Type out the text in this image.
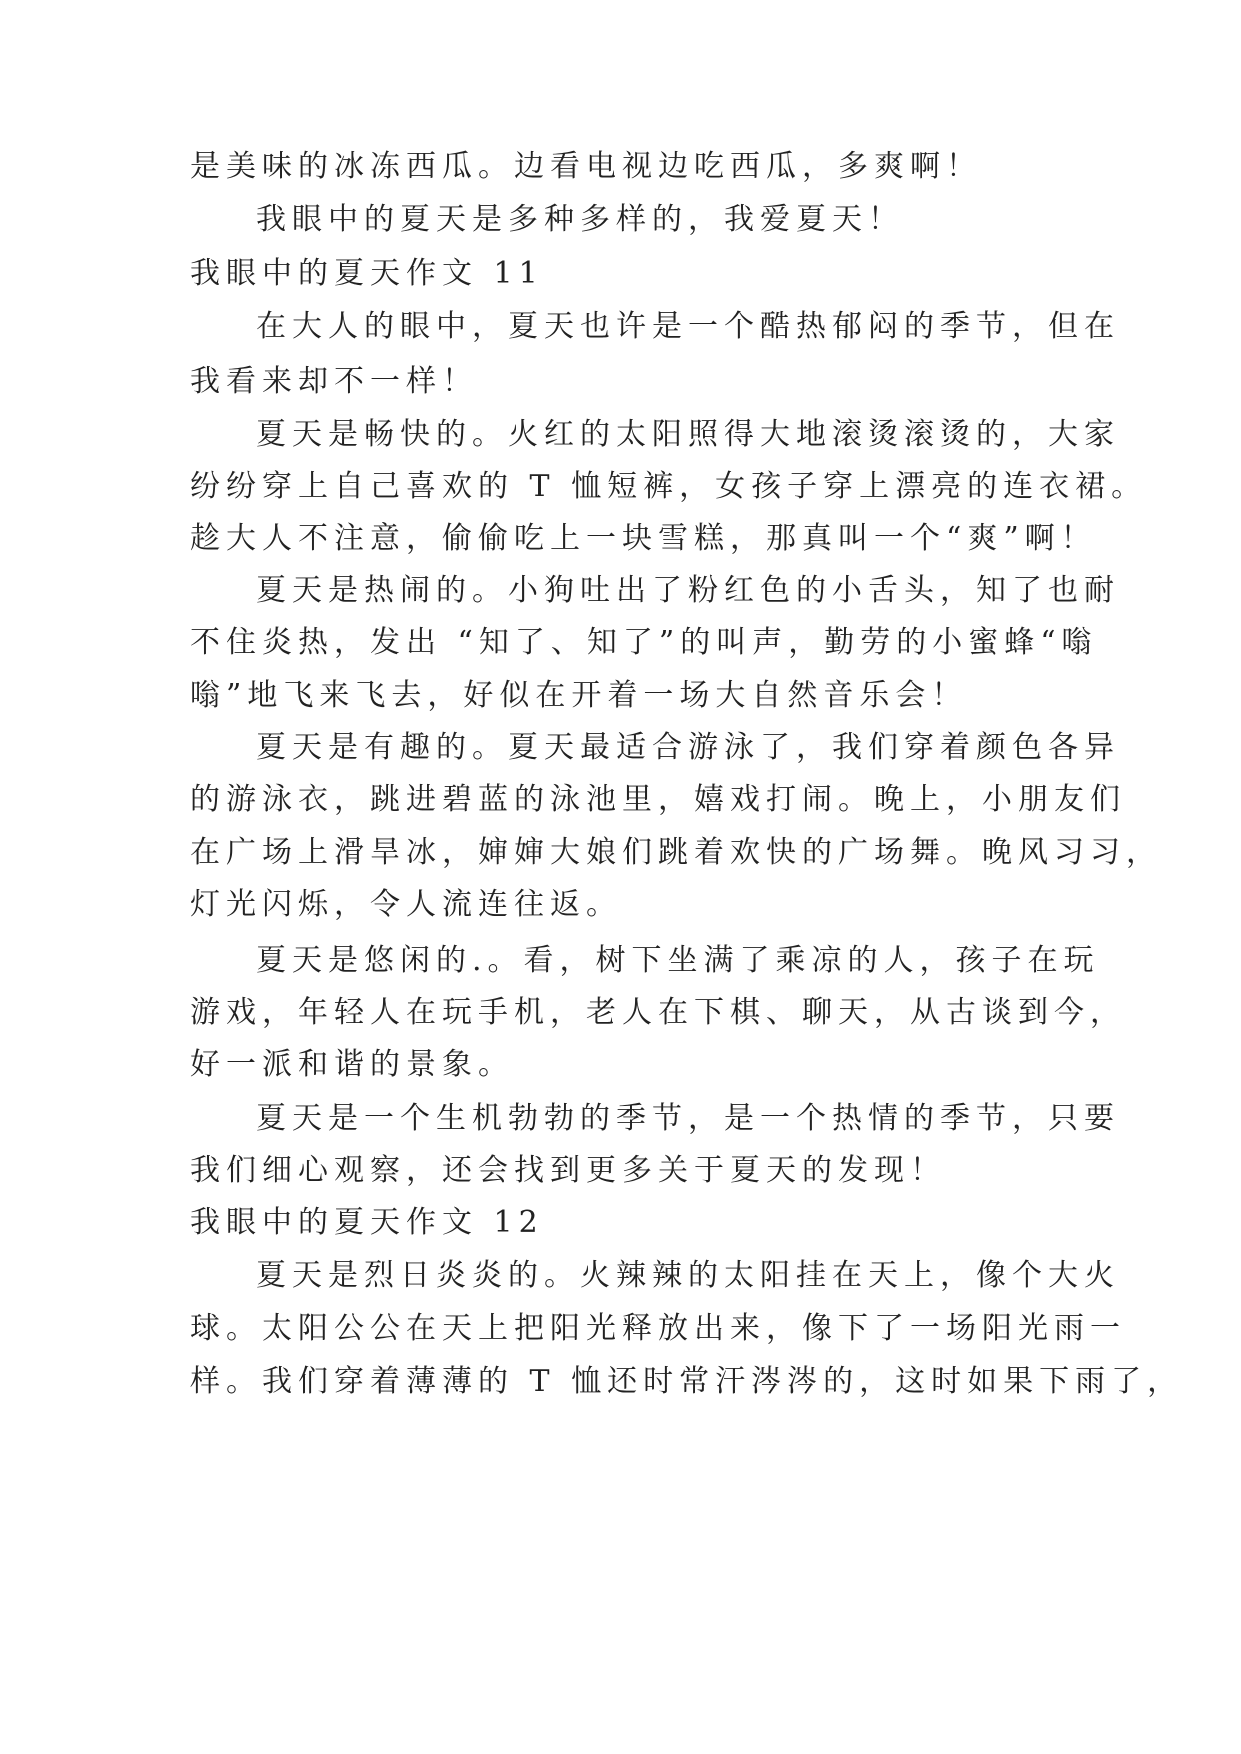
是美味的冰冻西瓜。边看电视边吃西瓜，多爽啊！
我眼中的夏天是多种多样的，我爱夏天！
我眼中的夏天作文 11
在大人的眼中，夏天也许是一个酷热郁闷的季节，但在
我看来却不一样！
夏天是畅快的。火红的太阳照得大地滚烫滚烫的，大家
纷纷穿上自己喜欢的 T 恤短裤，女孩子穿上漂亮的连衣裙。
趁大人不注意，偷偷吃上一块雪糕，那真叫一个“爽”啊！
夏天是热闹的。小狗吐出了粉红色的小舌头，知了也耐
不住炎热，发出 “知了、知了”的叫声，勤劳的小蜜蜂“嗡
嗡”地飞来飞去，好似在开着一场大自然音乐会！
夏天是有趣的。夏天最适合游泳了，我们穿着颜色各异
的游泳衣，跳进碧蓝的泳池里，嬉戏打闹。晚上，小朋友们
在广场上滑旱冰，婶婶大娘们跳着欢快的广场舞。晚风习习，
灯光闪烁，令人流连往返。
夏天是悠闲的.。看，树下坐满了乘凉的人，孩子在玩
游戏，年轻人在玩手机，老人在下棋、聊天，从古谈到今，
好一派和谐的景象。
夏天是一个生机勃勃的季节，是一个热情的季节，只要
我们细心观察，还会找到更多关于夏天的发现！
我眼中的夏天作文 12
夏天是烈日炎炎的。火辣辣的太阳挂在天上，像个大火
球。太阳公公在天上把阳光释放出来，像下了一场阳光雨一
样。我们穿着薄薄的 T 恤还时常汗涔涔的，这时如果下雨了，
